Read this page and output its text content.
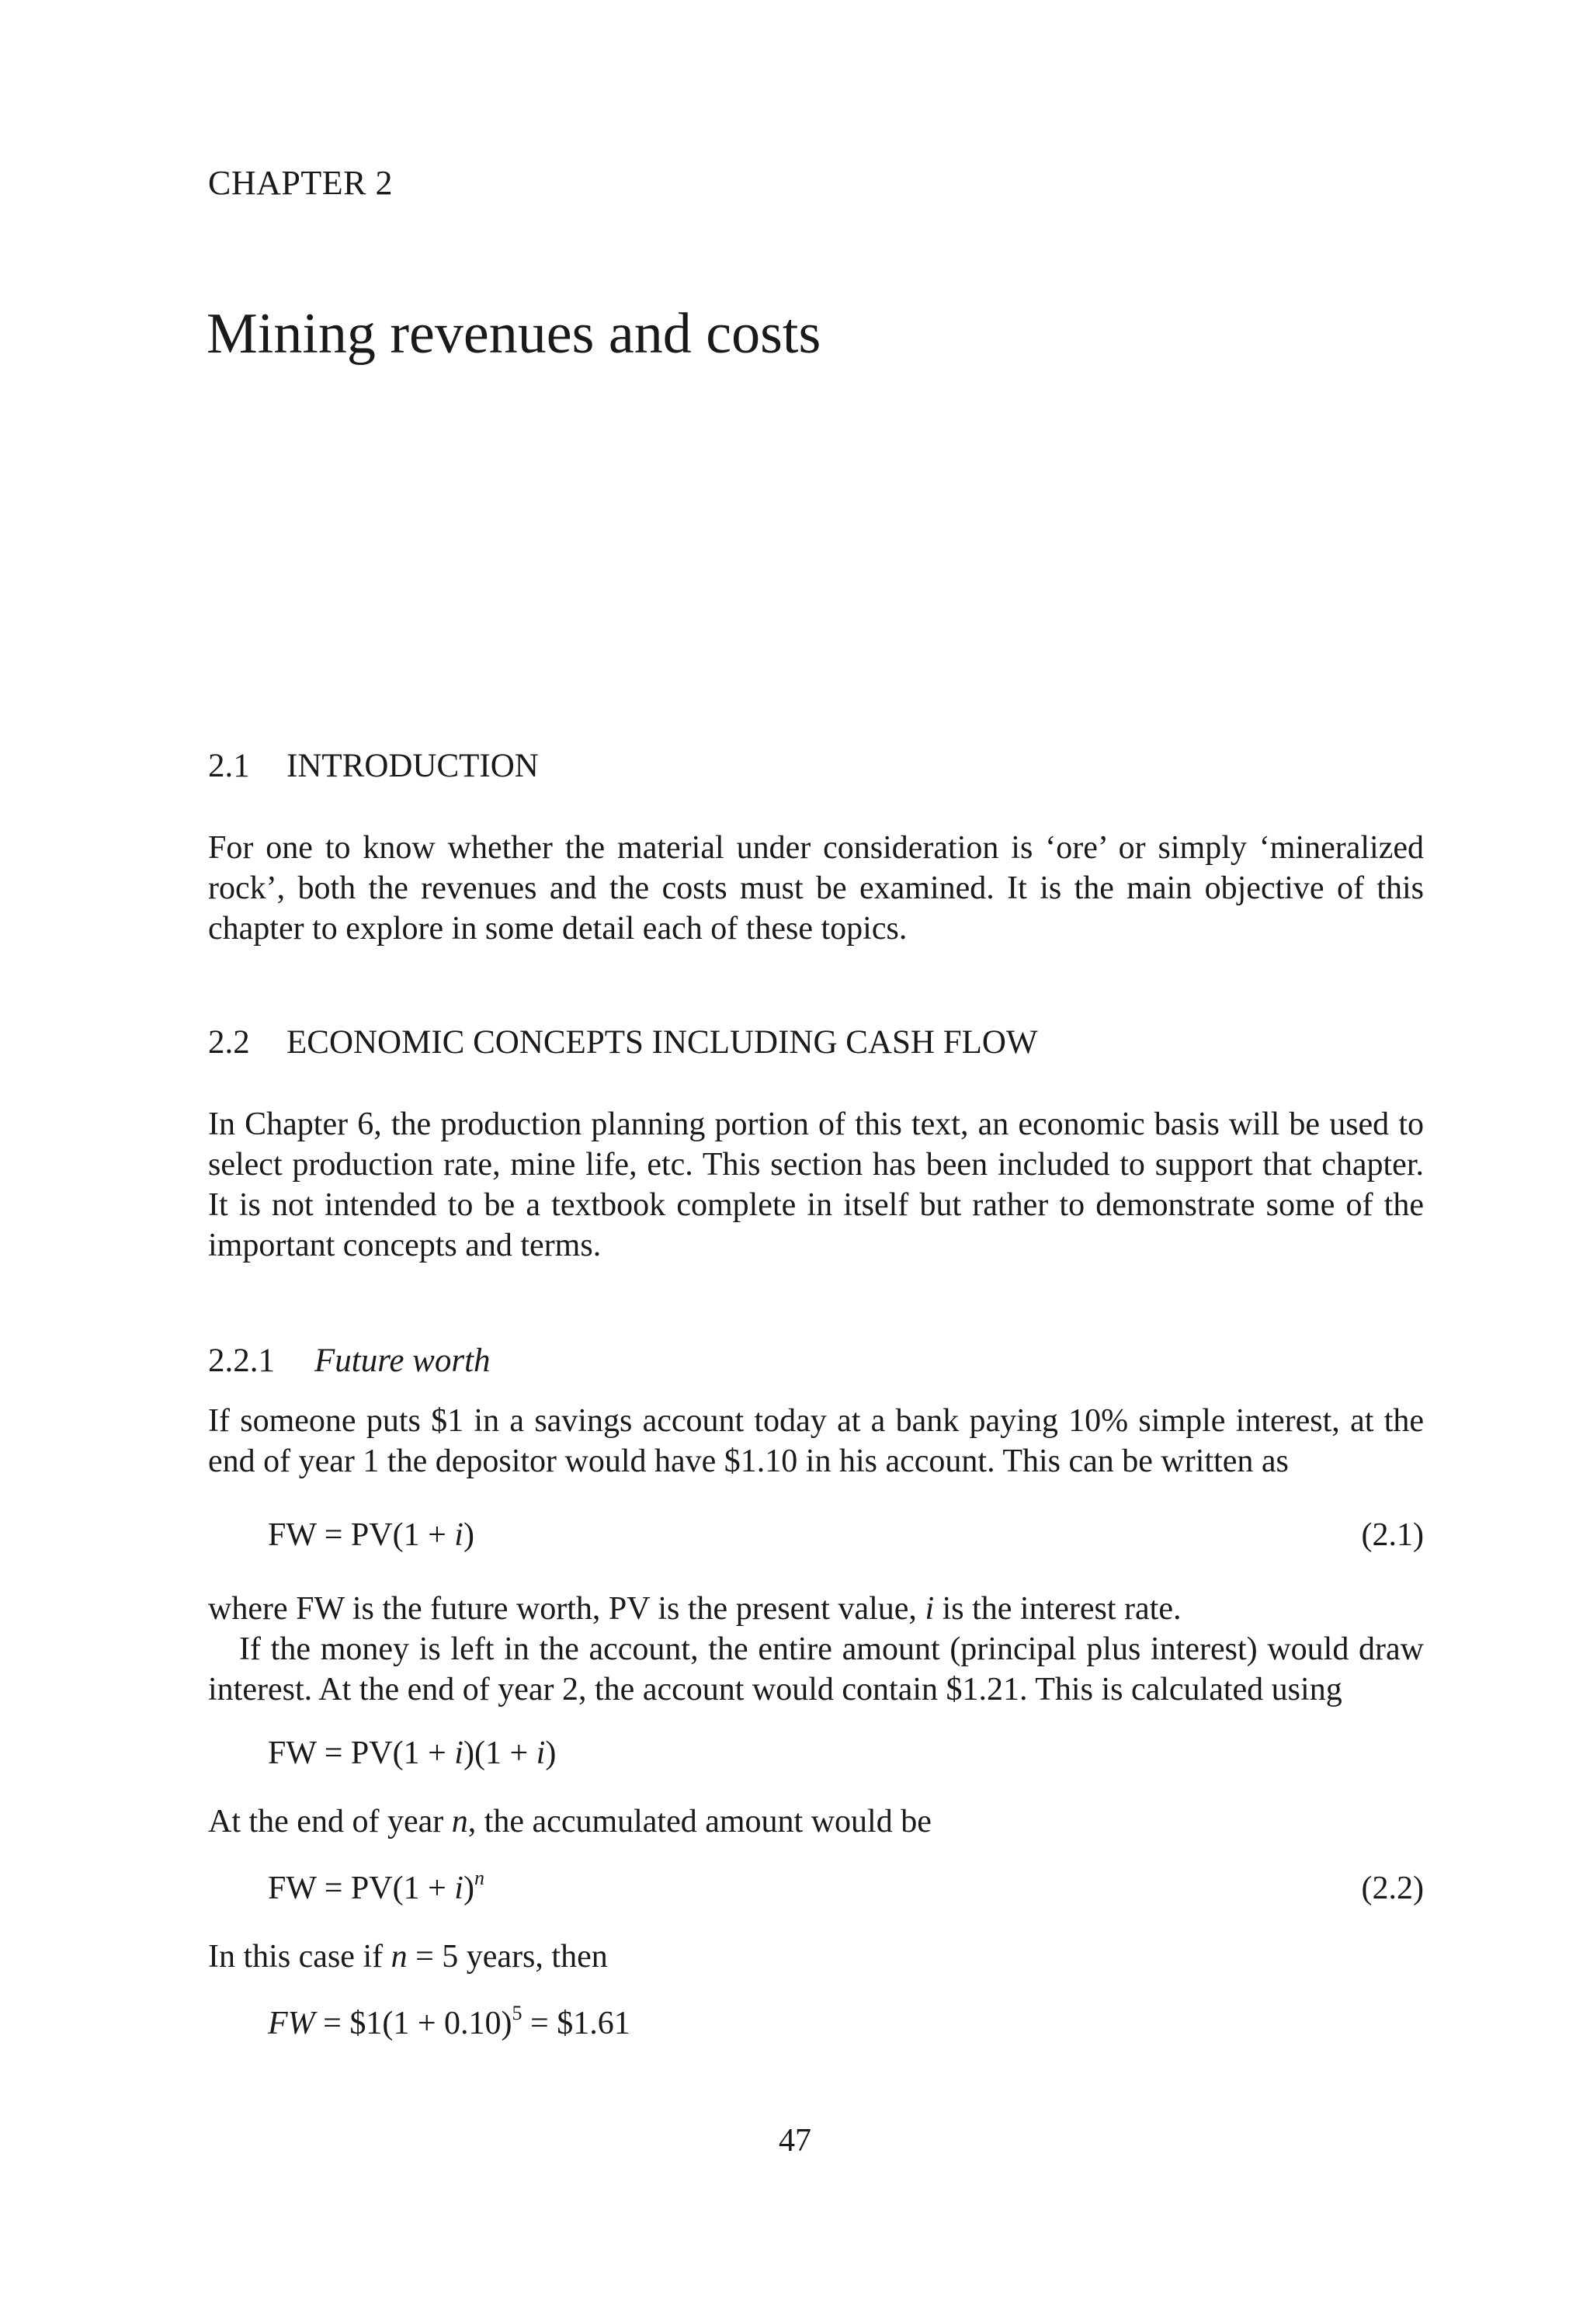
CHAPTER 2
Mining revenues and costs
2.1 INTRODUCTION
For one to know whether the material under consideration is ‘ore’ or simply ‘mineralized
rock’, both the revenues and the costs must be examined. It is the main objective of this
chapter to explore in some detail each of these topics.
2.2 ECONOMIC CONCEPTS INCLUDING CASH FLOW
In Chapter 6, the production planning portion of this text, an economic basis will be used to
select production rate, mine life, etc. This section has been included to support that chapter.
It is not intended to be a textbook complete in itself but rather to demonstrate some of the
important concepts and terms.
2.2.1 Future worth
If someone puts $1 in a savings account today at a bank paying 10% simple interest, at the
end of year 1 the depositor would have $1.10 in his account. This can be written as
FW = PV(1 + i)	(2.1)
where FW is the future worth, PV is the present value, i is the interest rate.
If the money is left in the account, the entire amount (principal plus interest) would draw
interest. At the end of year 2, the account would contain $1.21. This is calculated using
FW = PV(1 + i)(1 + i)
At the end of year n, the accumulated amount would be
FW = $PV(1 + i)^n$	(2.2)
In this case if n = 5 years, then
FW = $1(1 + 0.10)$^5$ = $1.61
47
